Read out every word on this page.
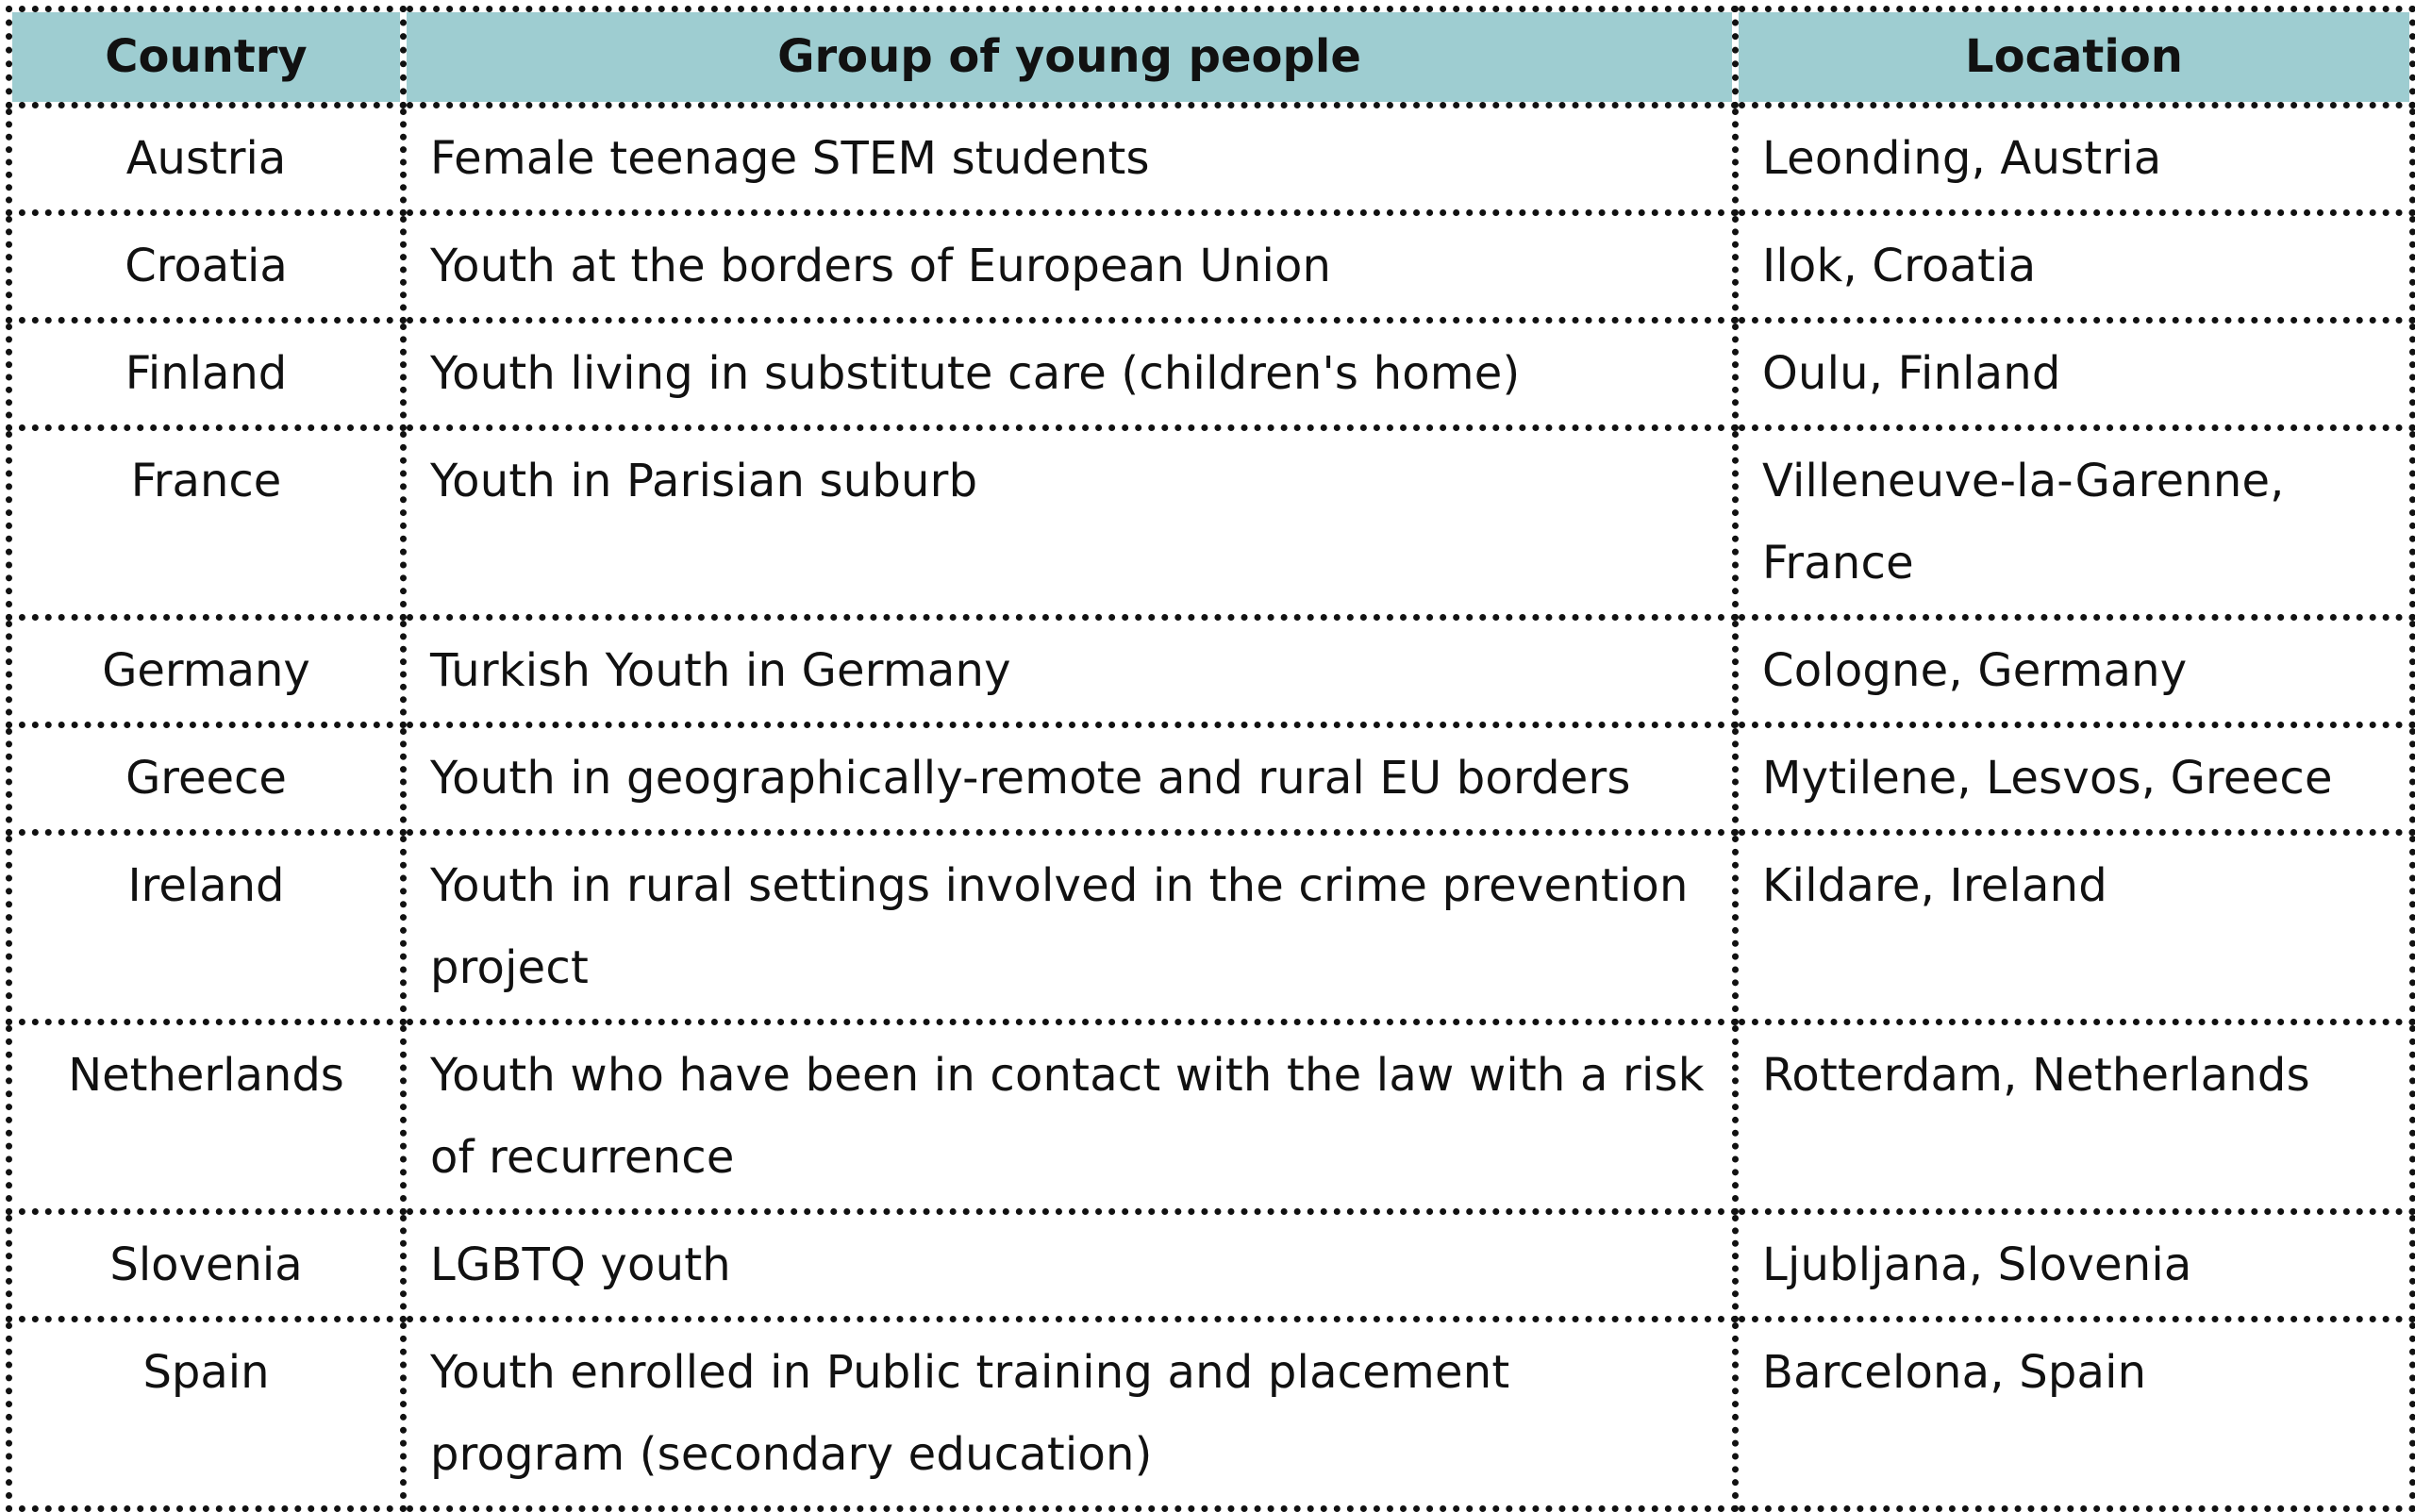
Country	Group of young people	Location
Austria	Female teenage STEM students	Leonding, Austria
Croatia	Youth at the borders of European Union	Ilok, Croatia
Finland	Youth living in substitute care (children's home)	Oulu, Finland
France	Youth in Parisian suburb	Villeneuve-la-Garenne, France
Germany	Turkish Youth in Germany	Cologne, Germany
Greece	Youth in geographically-remote and rural EU borders	Mytilene, Lesvos, Greece
Ireland	Youth in rural settings involved in the crime prevention project	Kildare, Ireland
Netherlands	Youth who have been in contact with the law with a risk of recurrence	Rotterdam, Netherlands
Slovenia	LGBTQ youth	Ljubljana, Slovenia
Spain	Youth enrolled in Public training and placement program (secondary education)	Barcelona, Spain
